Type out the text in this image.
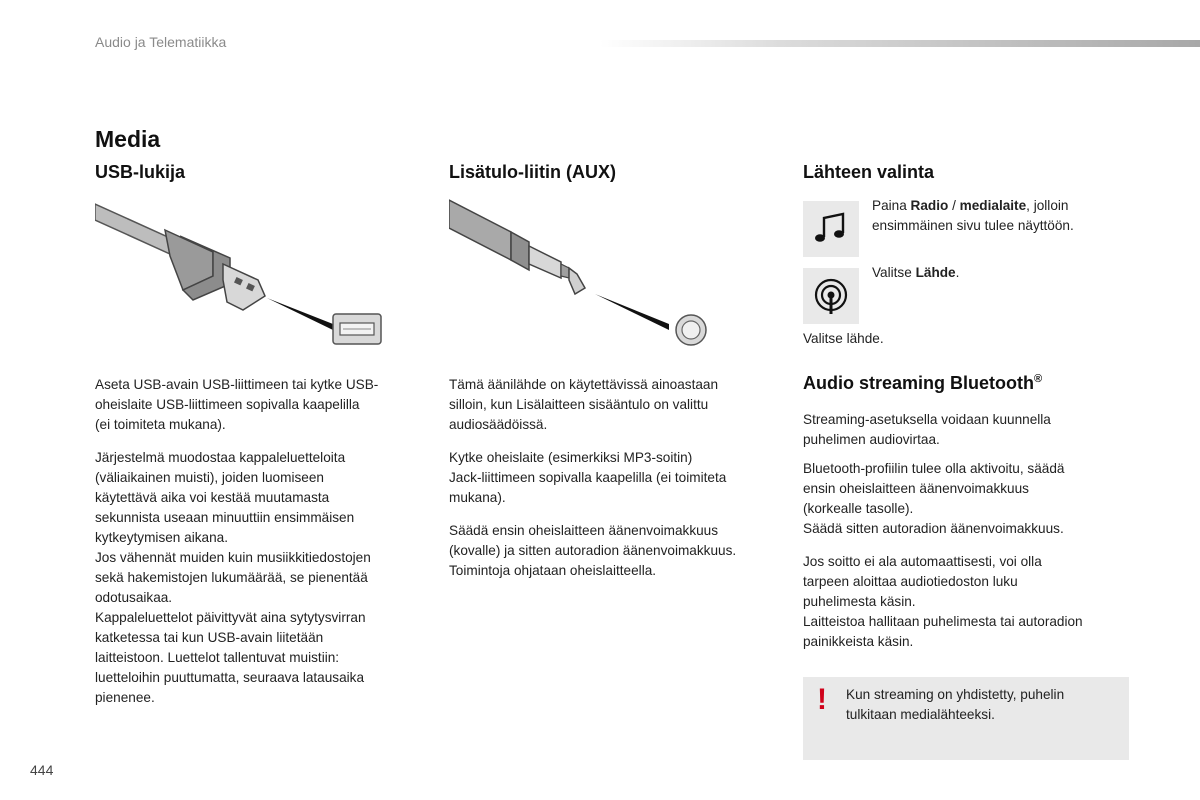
Audio ja Telematiikka
Media
USB-lukija
Aseta USB-avain USB-liittimeen tai kytke USB-
oheislaite USB-liittimeen sopivalla kaapelilla
(ei toimiteta mukana).
Järjestelmä muodostaa kappaleluetteloita
(väliaikainen muisti), joiden luomiseen
käytettävä aika voi kestää muutamasta
sekunnista useaan minuuttiin ensimmäisen
kytkeytymisen aikana.
Jos vähennät muiden kuin musiikkitiedostojen
sekä hakemistojen lukumäärää, se pienentää
odotusaikaa.
Kappaleluettelot päivittyvät aina sytytysvirran
katketessa tai kun USB-avain liitetään
laitteistoon. Luettelot tallentuvat muistiin:
luetteloihin puuttumatta, seuraava latausaika
pienenee.
Lisätulo-liitin (AUX)
Tämä äänilähde on käytettävissä ainoastaan
silloin, kun Lisälaitteen sisääntulo on valittu
audiosäädöissä.
Kytke oheislaite (esimerkiksi MP3-soitin)
Jack-liittimeen sopivalla kaapelilla (ei toimiteta
mukana).
Säädä ensin oheislaitteen äänenvoimakkuus
(kovalle) ja sitten autoradion äänenvoimakkuus.
Toimintoja ohjataan oheislaitteella.
Lähteen valinta
Paina Radio / medialaite, jolloin
ensimmäinen sivu tulee näyttöön.
Valitse Lähde.
Valitse lähde.
Audio streaming Bluetooth®
Streaming-asetuksella voidaan kuunnella
puhelimen audiovirtaa.
Bluetooth-profiilin tulee olla aktivoitu, säädä
ensin oheislaitteen äänenvoimakkuus
(korkealle tasolle).
Säädä sitten autoradion äänenvoimakkuus.
Jos soitto ei ala automaattisesti, voi olla
tarpeen aloittaa audiotiedoston luku
puhelimesta käsin.
Laitteistoa hallitaan puhelimesta tai autoradion
painikkeista käsin.
! Kun streaming on yhdistetty, puhelin
tulkitaan medialähteeksi.
444
